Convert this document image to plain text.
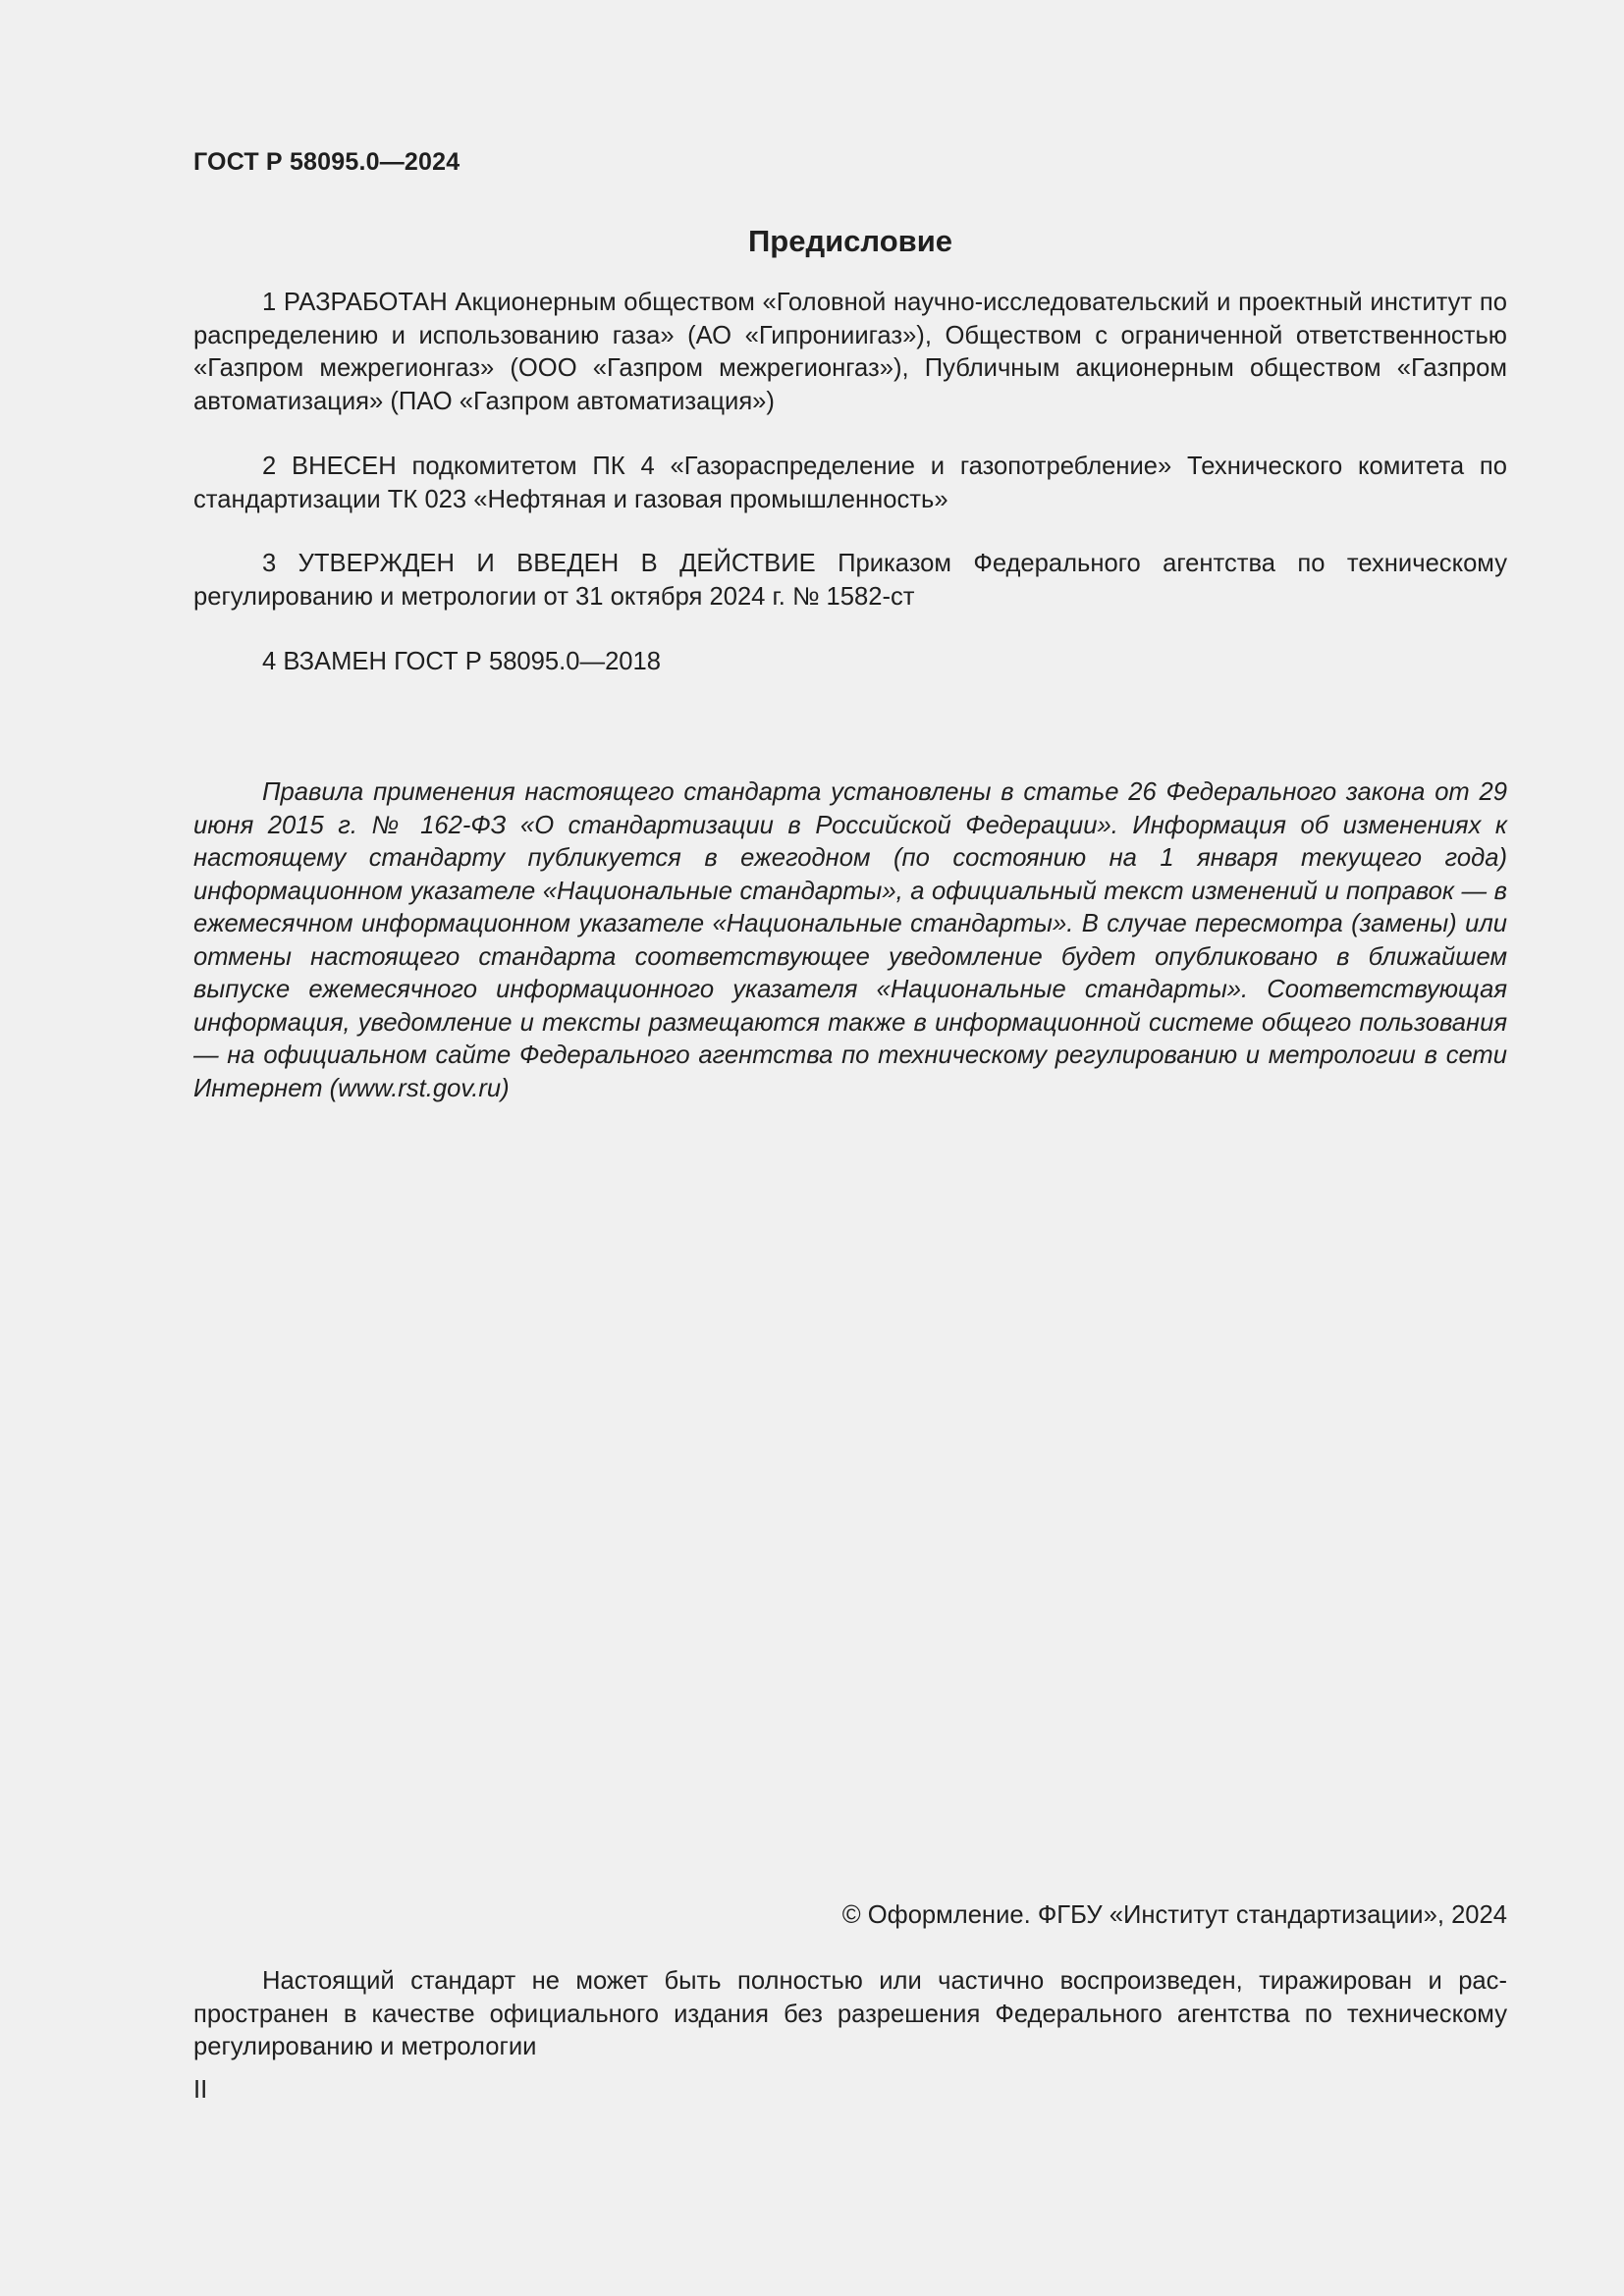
ГОСТ Р 58095.0—2024
Предисловие

1 РАЗРАБОТАН Акционерным обществом «Головной научно-исследовательский и проектный институт по распределению и использованию газа» (АО «Гипрониигаз»), Обществом с ограниченной ответственностью «Газпром межрегионгаз» (ООО «Газпром межрегионгаз»), Публичным акционерным обществом «Газпром автоматизация» (ПАО «Газпром автоматизация»)

2 ВНЕСЕН подкомитетом ПК 4 «Газораспределение и газопотребление» Технического комитета по стандартизации ТК 023 «Нефтяная и газовая промышленность»

3 УТВЕРЖДЕН И ВВЕДЕН В ДЕЙСТВИЕ Приказом Федерального агентства по техническому регулированию и метрологии от 31 октября 2024 г. № 1582-ст

4 ВЗАМЕН ГОСТ Р 58095.0—2018

Правила применения настоящего стандарта установлены в статье 26 Федерального закона от 29 июня 2015 г. № 162-ФЗ «О стандартизации в Российской Федерации». Информация об изменениях к настоящему стандарту публикуется в ежегодном (по состоянию на 1 января текущего года) информационном указателе «Национальные стандарты», а официальный текст изменений и поправок — в ежемесячном информационном указателе «Национальные стандарты». В случае пересмотра (замены) или отмены настоящего стандарта соответствующее уведомление будет опубликовано в ближайшем выпуске ежемесячного информационного указателя «Национальные стандарты». Соответствующая информация, уведомление и тексты размещаются также в информационной системе общего пользования — на официальном сайте Федерального агентства по техническому регулированию и метрологии в сети Интернет (www.rst.gov.ru)

© Оформление. ФГБУ «Институт стандартизации», 2024

Настоящий стандарт не может быть полностью или частично воспроизведен, тиражирован и распространен в качестве официального издания без разрешения Федерального агентства по техническому регулированию и метрологии

II
